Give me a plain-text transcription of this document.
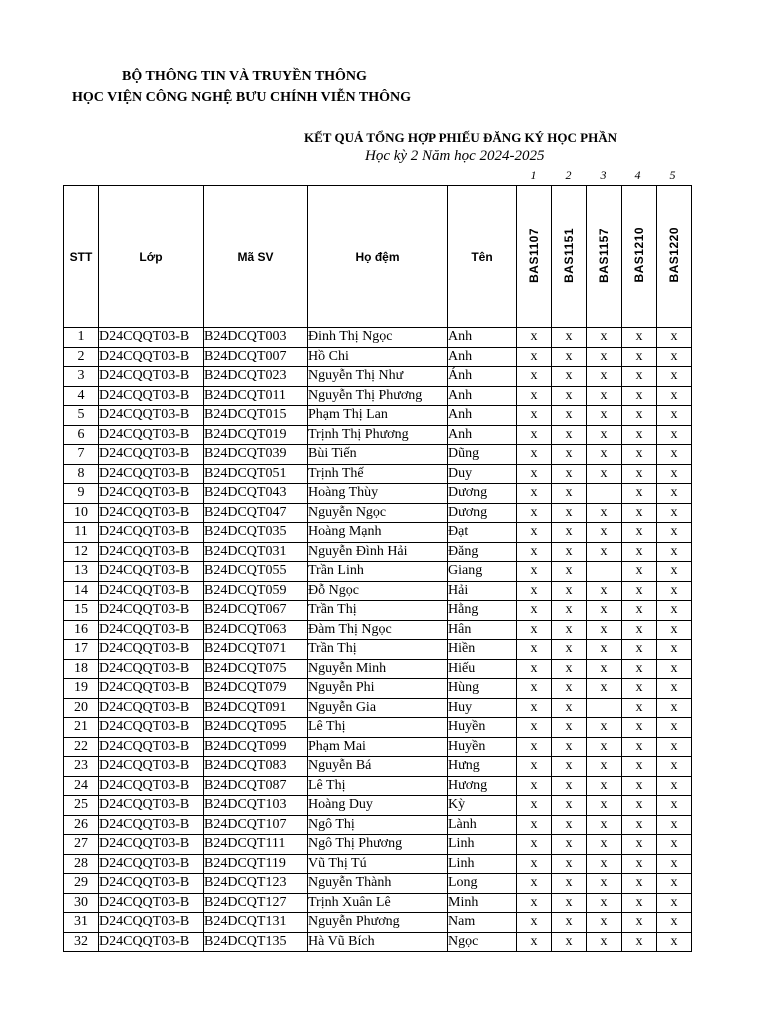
BỘ THÔNG TIN VÀ TRUYỀN THÔNG
HỌC VIỆN CÔNG NGHỆ BƯU CHÍNH VIỄN THÔNG
KẾT QUẢ TỔNG HỢP PHIẾU ĐĂNG KÝ HỌC PHẦN
Học kỳ 2 Năm học 2024-2025
1	2	3	4	5
STT	Lớp	Mã SV	Họ đệm	Tên	BAS1107	BAS1151	BAS1157	BAS1210	BAS1220
1	D24CQQT03-B	B24DCQT003	Đinh Thị Ngọc	Anh	x	x	x	x	x
2	D24CQQT03-B	B24DCQT007	Hồ Chi	Anh	x	x	x	x	x
3	D24CQQT03-B	B24DCQT023	Nguyễn Thị Như	Ánh	x	x	x	x	x
4	D24CQQT03-B	B24DCQT011	Nguyễn Thị Phương	Anh	x	x	x	x	x
5	D24CQQT03-B	B24DCQT015	Phạm Thị Lan	Anh	x	x	x	x	x
6	D24CQQT03-B	B24DCQT019	Trịnh Thị Phương	Anh	x	x	x	x	x
7	D24CQQT03-B	B24DCQT039	Bùi Tiến	Dũng	x	x	x	x	x
8	D24CQQT03-B	B24DCQT051	Trịnh Thế	Duy	x	x	x	x	x
9	D24CQQT03-B	B24DCQT043	Hoàng Thùy	Dương	x	x		x	x
10	D24CQQT03-B	B24DCQT047	Nguyễn Ngọc	Dương	x	x	x	x	x
11	D24CQQT03-B	B24DCQT035	Hoàng Mạnh	Đạt	x	x	x	x	x
12	D24CQQT03-B	B24DCQT031	Nguyễn Đình Hải	Đăng	x	x	x	x	x
13	D24CQQT03-B	B24DCQT055	Trần Linh	Giang	x	x		x	x
14	D24CQQT03-B	B24DCQT059	Đỗ Ngọc	Hải	x	x	x	x	x
15	D24CQQT03-B	B24DCQT067	Trần Thị	Hằng	x	x	x	x	x
16	D24CQQT03-B	B24DCQT063	Đàm Thị Ngọc	Hân	x	x	x	x	x
17	D24CQQT03-B	B24DCQT071	Trần Thị	Hiền	x	x	x	x	x
18	D24CQQT03-B	B24DCQT075	Nguyễn Minh	Hiếu	x	x	x	x	x
19	D24CQQT03-B	B24DCQT079	Nguyễn Phi	Hùng	x	x	x	x	x
20	D24CQQT03-B	B24DCQT091	Nguyễn Gia	Huy	x	x		x	x
21	D24CQQT03-B	B24DCQT095	Lê Thị	Huyền	x	x	x	x	x
22	D24CQQT03-B	B24DCQT099	Phạm Mai	Huyền	x	x	x	x	x
23	D24CQQT03-B	B24DCQT083	Nguyễn Bá	Hưng	x	x	x	x	x
24	D24CQQT03-B	B24DCQT087	Lê Thị	Hương	x	x	x	x	x
25	D24CQQT03-B	B24DCQT103	Hoàng Duy	Kỳ	x	x	x	x	x
26	D24CQQT03-B	B24DCQT107	Ngô Thị	Lành	x	x	x	x	x
27	D24CQQT03-B	B24DCQT111	Ngô Thị Phương	Linh	x	x	x	x	x
28	D24CQQT03-B	B24DCQT119	Vũ Thị Tú	Linh	x	x	x	x	x
29	D24CQQT03-B	B24DCQT123	Nguyễn Thành	Long	x	x	x	x	x
30	D24CQQT03-B	B24DCQT127	Trịnh Xuân Lê	Minh	x	x	x	x	x
31	D24CQQT03-B	B24DCQT131	Nguyễn Phương	Nam	x	x	x	x	x
32	D24CQQT03-B	B24DCQT135	Hà Vũ Bích	Ngọc	x	x	x	x	x
